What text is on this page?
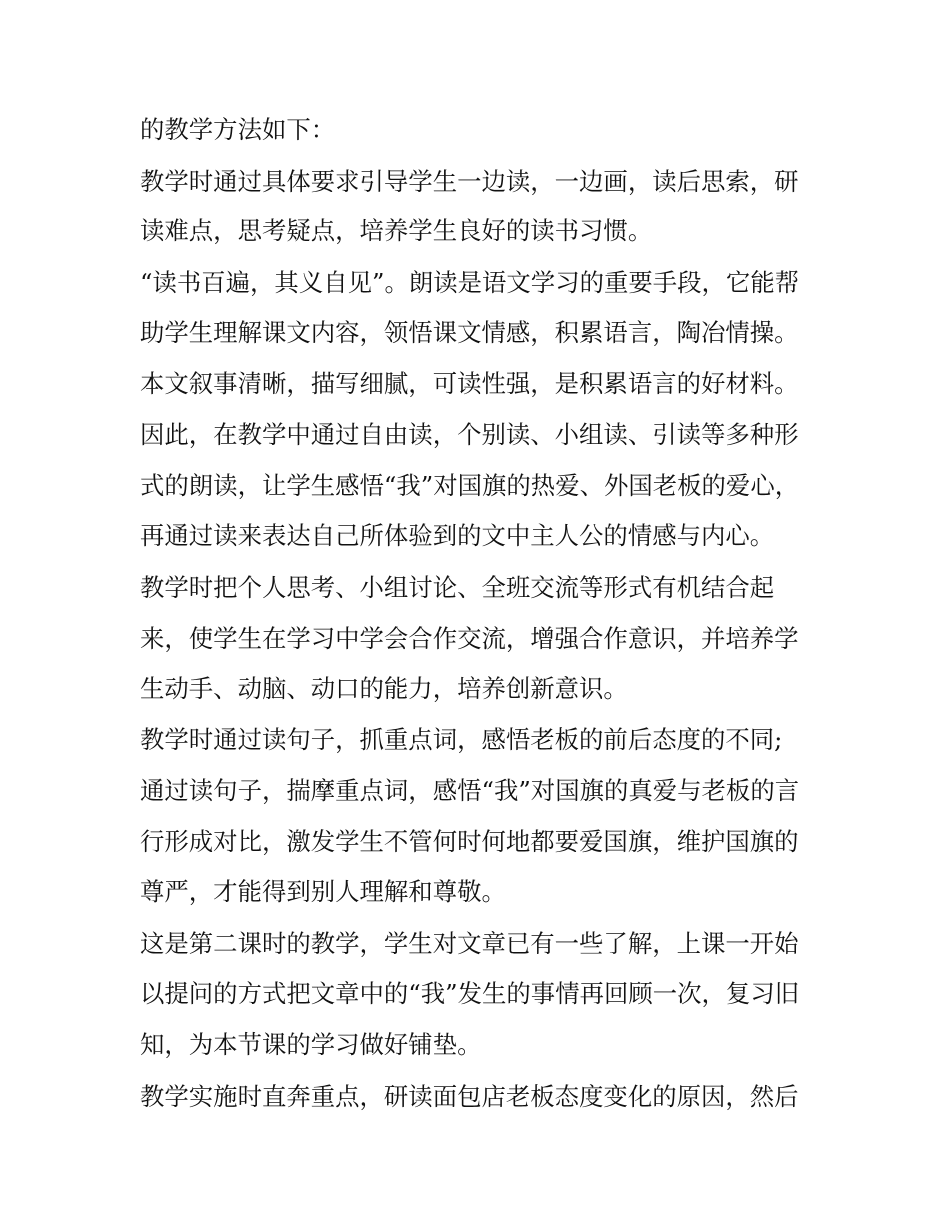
的教学方法如下：

教学时通过具体要求引导学生一边读，一边画，读后思索，研

读难点，思考疑点，培养学生良好的读书习惯。

“读书百遍，其义自见”。朗读是语文学习的重要手段，它能帮

助学生理解课文内容，领悟课文情感，积累语言，陶冶情操。

本文叙事清晰，描写细腻，可读性强，是积累语言的好材料。

因此，在教学中通过自由读，个别读、小组读、引读等多种形

式的朗读，让学生感悟“我”对国旗的热爱、外国老板的爱心，

再通过读来表达自己所体验到的文中主人公的情感与内心。

教学时把个人思考、小组讨论、全班交流等形式有机结合起

来，使学生在学习中学会合作交流，增强合作意识，并培养学

生动手、动脑、动口的能力，培养创新意识。

教学时通过读句子，抓重点词，感悟老板的前后态度的不同;

通过读句子，揣摩重点词，感悟“我”对国旗的真爱与老板的言

行形成对比，激发学生不管何时何地都要爱国旗，维护国旗的

尊严，才能得到别人理解和尊敬。

这是第二课时的教学，学生对文章已有一些了解，上课一开始

以提问的方式把文章中的“我”发生的事情再回顾一次，复习旧

知，为本节课的学习做好铺垫。

教学实施时直奔重点，研读面包店老板态度变化的原因，然后
